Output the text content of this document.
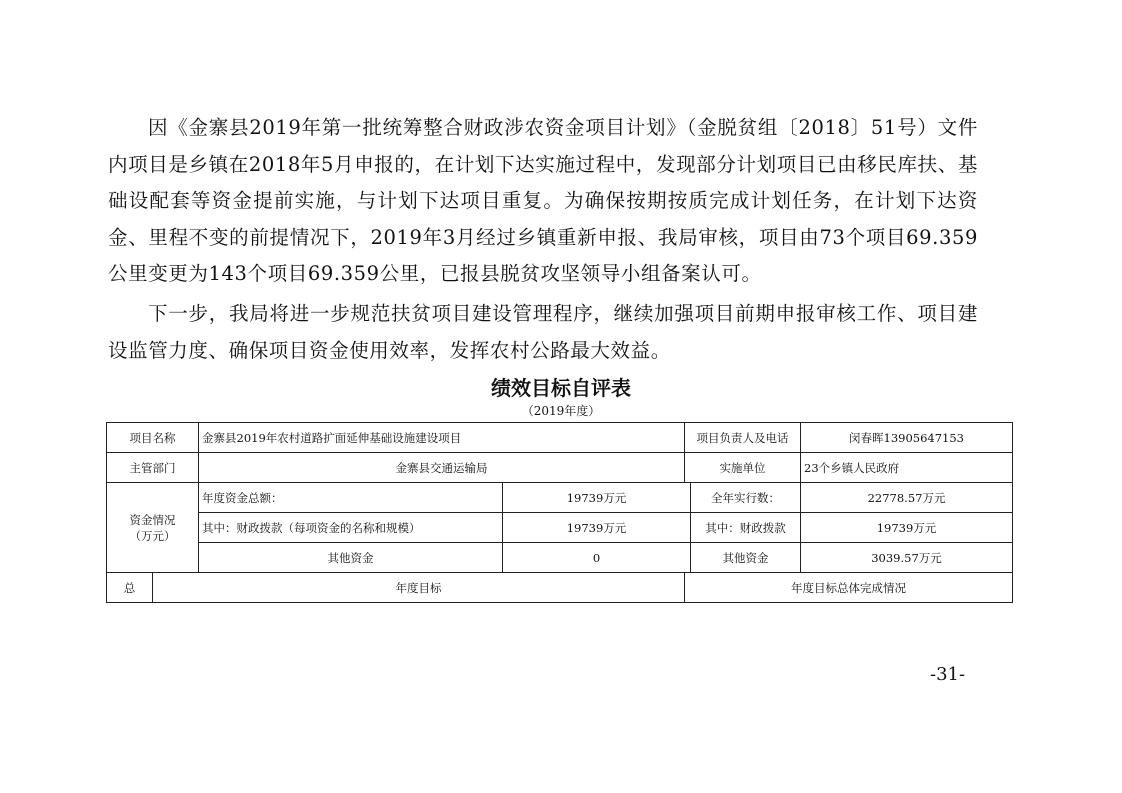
因《金寨县2019年第一批统筹整合财政涉农资金项目计划》（金脱贫组〔2018〕51号）文件内项目是乡镇在2018年5月申报的，在计划下达实施过程中，发现部分计划项目已由移民库扶、基础设配套等资金提前实施，与计划下达项目重复。为确保按期按质完成计划任务，在计划下达资金、里程不变的前提情况下，2019年3月经过乡镇重新申报、我局审核，项目由73个项目69.359公里变更为143个项目69.359公里，已报县脱贫攻坚领导小组备案认可。

下一步，我局将进一步规范扶贫项目建设管理程序，继续加强项目前期申报审核工作、项目建设监管力度、确保项目资金使用效率，发挥农村公路最大效益。

绩效目标自评表
（2019年度）
项目名称		金寨县2019年农村道路扩面延伸基础设施建设项目		项目负责人及电话		闵春晖13905647153
主管部门		金寨县交通运输局		实施单位		23个乡镇人民政府
资金情况
（万元）		年度资金总额：	19739万元		全年实行数：	22778.57万元
		其中：财政拨款（每项资金的名称和规模）	19739万元		其中：财政拨款	19739万元
		其他资金	0		其他资金	3039.57万元
总	年度目标			年度目标总体完成情况		
-31-
